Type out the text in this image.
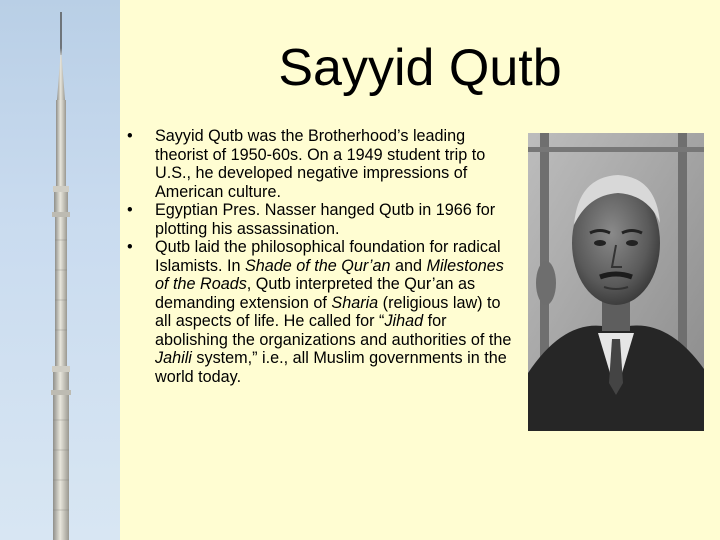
Sayyid Qutb
• Sayyid Qutb was the Brotherhood’s leading theorist of 1950-60s. On a 1949 student trip to U.S., he developed negative impressions of American culture.
• Egyptian Pres. Nasser hanged Qutb in 1966 for plotting his assassination.
• Qutb laid the philosophical foundation for radical Islamists. In Shade of the Qur’an and Milestones of the Roads, Qutb interpreted the Qur’an as demanding extension of Sharia (religious law) to all aspects of life. He called for “Jihad for abolishing the organizations and authorities of the Jahili system,” i.e., all Muslim governments in the world today.
